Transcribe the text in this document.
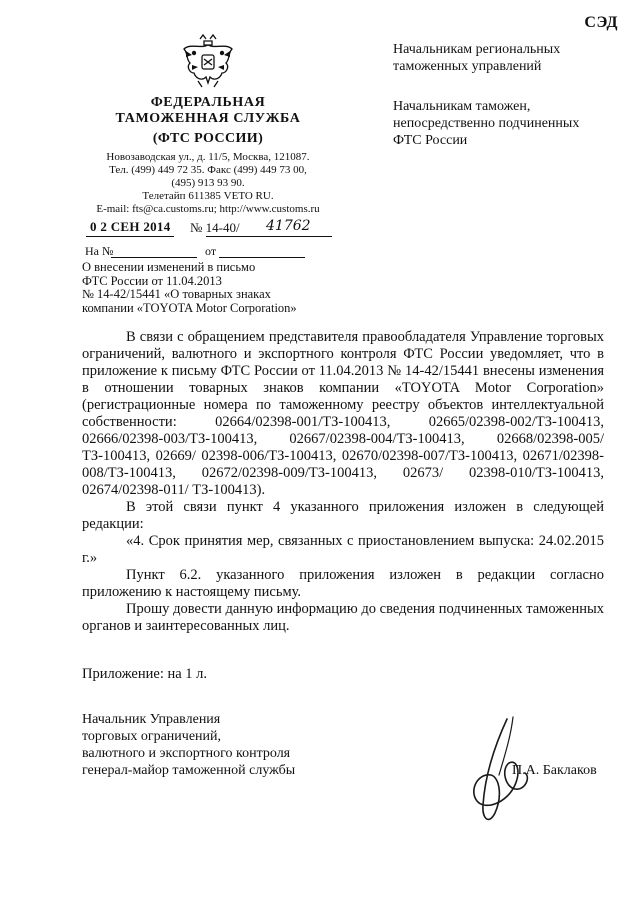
СЭД
ФЕДЕРАЛЬНАЯ
ТАМОЖЕННАЯ СЛУЖБА
(ФТС РОССИИ)
Новозаводская ул., д. 11/5, Москва, 121087.
Тел. (499) 449 72 35. Факс (499) 449 73 00,
(495) 913 93 90.
Телетайп 611385 VETO RU.
E-mail: fts@ca.customs.ru; http://www.customs.ru
0 2 СЕН 2014 № 14-40/ 41762
На №	от
О внесении изменений в письмо
ФТС России от 11.04.2013
№ 14-42/15441 «О товарных знаках
компании «TOYOTA Motor Corporation»
Начальникам региональных
таможенных управлений
Начальникам таможен,
непосредственно подчиненных
ФТС России

В связи с обращением представителя правообладателя Управление торговых ограничений, валютного и экспортного контроля ФТС России уведомляет, что в приложение к письму ФТС России от 11.04.2013 № 14-42/15441 внесены изменения в отношении товарных знаков компании «TOYOTA Motor Corporation» (регистрационные номера по таможенному реестру объектов интеллектуальной собственности: 02664/02398-001/ТЗ-100413, 02665/02398-002/ТЗ-100413, 02666/02398-003/ТЗ-100413, 02667/02398-004/ТЗ-100413, 02668/02398-005/ТЗ-100413, 02669/ 02398-006/ТЗ-100413, 02670/02398-007/ТЗ-100413, 02671/02398-008/ТЗ-100413, 02672/02398-009/ТЗ-100413, 02673/ 02398-010/ТЗ-100413, 02674/02398-011/ ТЗ-100413).

В этой связи пункт 4 указанного приложения изложен в следующей редакции:

«4. Срок принятия мер, связанных с приостановлением выпуска: 24.02.2015 г.»

Пункт 6.2. указанного приложения изложен в редакции согласно приложению к настоящему письму.

Прошу довести данную информацию до сведения подчиненных таможенных органов и заинтересованных лиц.

Приложение: на 1 л.
Начальник Управления
торговых ограничений,
валютного и экспортного контроля
генерал-майор таможенной службы	П.А. Баклаков
